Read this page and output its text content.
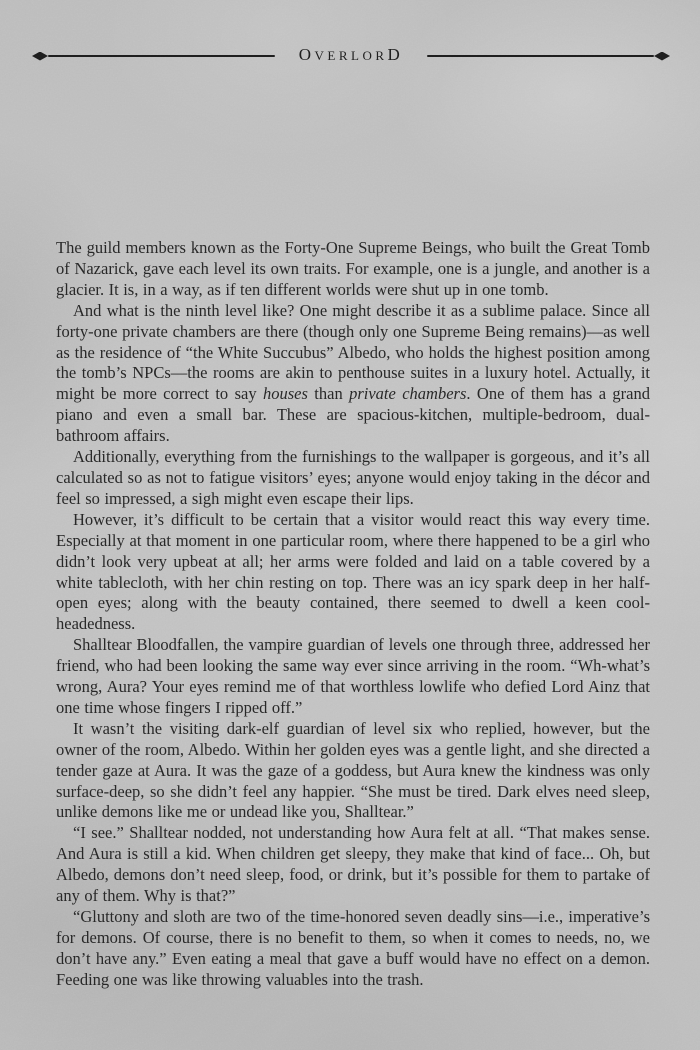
OVERLORD

The guild members known as the Forty-One Supreme Beings, who built the Great Tomb of Nazarick, gave each level its own traits. For example, one is a jungle, and another is a glacier. It is, in a way, as if ten different worlds were shut up in one tomb.

And what is the ninth level like? One might describe it as a sublime palace. Since all forty-one private chambers are there (though only one Supreme Being remains)—as well as the residence of “the White Succubus” Albedo, who holds the highest position among the tomb’s NPCs—the rooms are akin to penthouse suites in a luxury hotel. Actually, it might be more correct to say houses than private chambers. One of them has a grand piano and even a small bar. These are spacious-kitchen, multiple-bedroom, dual-bathroom affairs.

Additionally, everything from the furnishings to the wallpaper is gorgeous, and it’s all calculated so as not to fatigue visitors’ eyes; anyone would enjoy taking in the décor and feel so impressed, a sigh might even escape their lips.

However, it’s difficult to be certain that a visitor would react this way every time. Especially at that moment in one particular room, where there happened to be a girl who didn’t look very upbeat at all; her arms were folded and laid on a table covered by a white tablecloth, with her chin resting on top. There was an icy spark deep in her half-open eyes; along with the beauty contained, there seemed to dwell a keen cool-headedness.

Shalltear Bloodfallen, the vampire guardian of levels one through three, addressed her friend, who had been looking the same way ever since arriving in the room. “Wh-what’s wrong, Aura? Your eyes remind me of that worthless lowlife who defied Lord Ainz that one time whose fingers I ripped off.”

It wasn’t the visiting dark-elf guardian of level six who replied, however, but the owner of the room, Albedo. Within her golden eyes was a gentle light, and she directed a tender gaze at Aura. It was the gaze of a goddess, but Aura knew the kindness was only surface-deep, so she didn’t feel any happier. “She must be tired. Dark elves need sleep, unlike demons like me or undead like you, Shalltear.”

“I see.” Shalltear nodded, not understanding how Aura felt at all. “That makes sense. And Aura is still a kid. When children get sleepy, they make that kind of face... Oh, but Albedo, demons don’t need sleep, food, or drink, but it’s possible for them to partake of any of them. Why is that?”

“Gluttony and sloth are two of the time-honored seven deadly sins—i.e., imperative’s for demons. Of course, there is no benefit to them, so when it comes to needs, no, we don’t have any.” Even eating a meal that gave a buff would have no effect on a demon. Feeding one was like throwing valuables into the trash.
